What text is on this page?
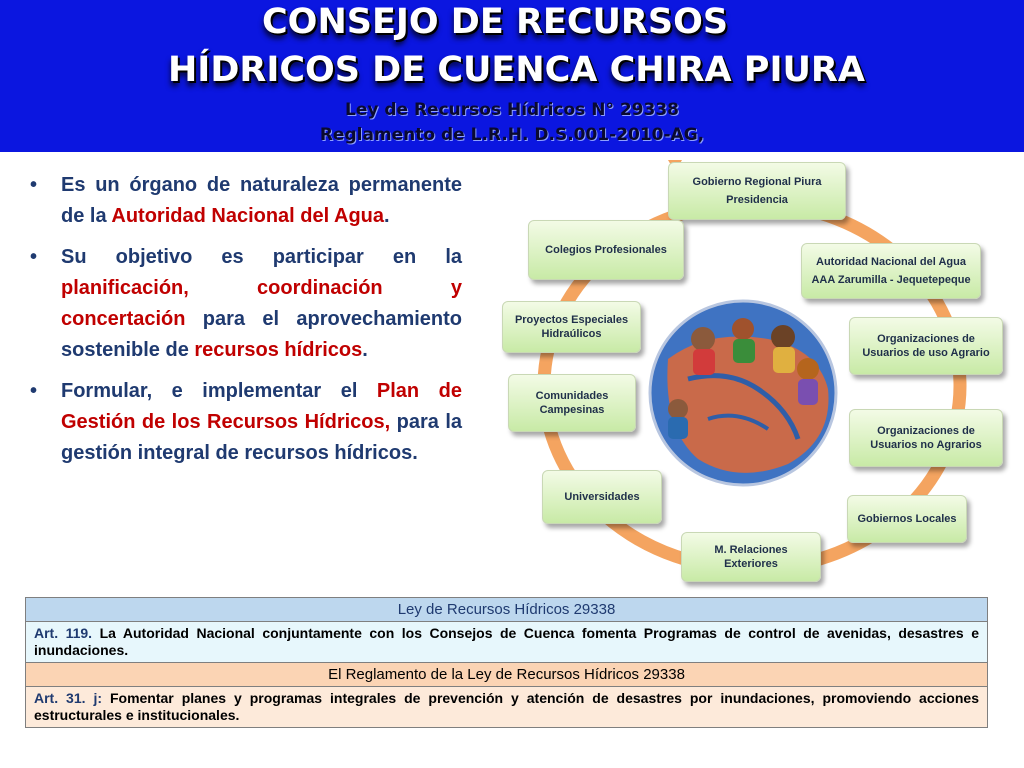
CONSEJO DE RECURSOS
HÍDRICOS DE CUENCA CHIRA PIURA
Ley de Recursos Hídricos N° 29338
Reglamento de L.R.H. D.S.001-2010-AG,
• Es un órgano de naturaleza permanente de la Autoridad Nacional del Agua.
• Su objetivo es participar en la planificación, coordinación y concertación para el aprovechamiento sostenible de recursos hídricos.
• Formular, e implementar el Plan de Gestión de los Recursos Hídricos, para la gestión integral de recursos hídricos.
Gobierno Regional Piura
Presidencia
Autoridad Nacional del Agua
AAA Zarumilla - Jequetepeque
Organizaciones de
Usuarios de uso Agrario
Organizaciones de
Usuarios no Agrarios
Gobiernos Locales
M. Relaciones
Exteriores
Universidades
Comunidades
Campesinas
Proyectos Especiales
Hidraúlicos
Colegios Profesionales
Ley de Recursos Hídricos 29338
Art. 119. La Autoridad Nacional conjuntamente con los Consejos de Cuenca fomenta Programas de control de avenidas, desastres e inundaciones.
El Reglamento de la Ley de Recursos Hídricos 29338
Art. 31. j: Fomentar planes y programas integrales de prevención y atención de desastres por inundaciones, promoviendo acciones estructurales e institucionales.
